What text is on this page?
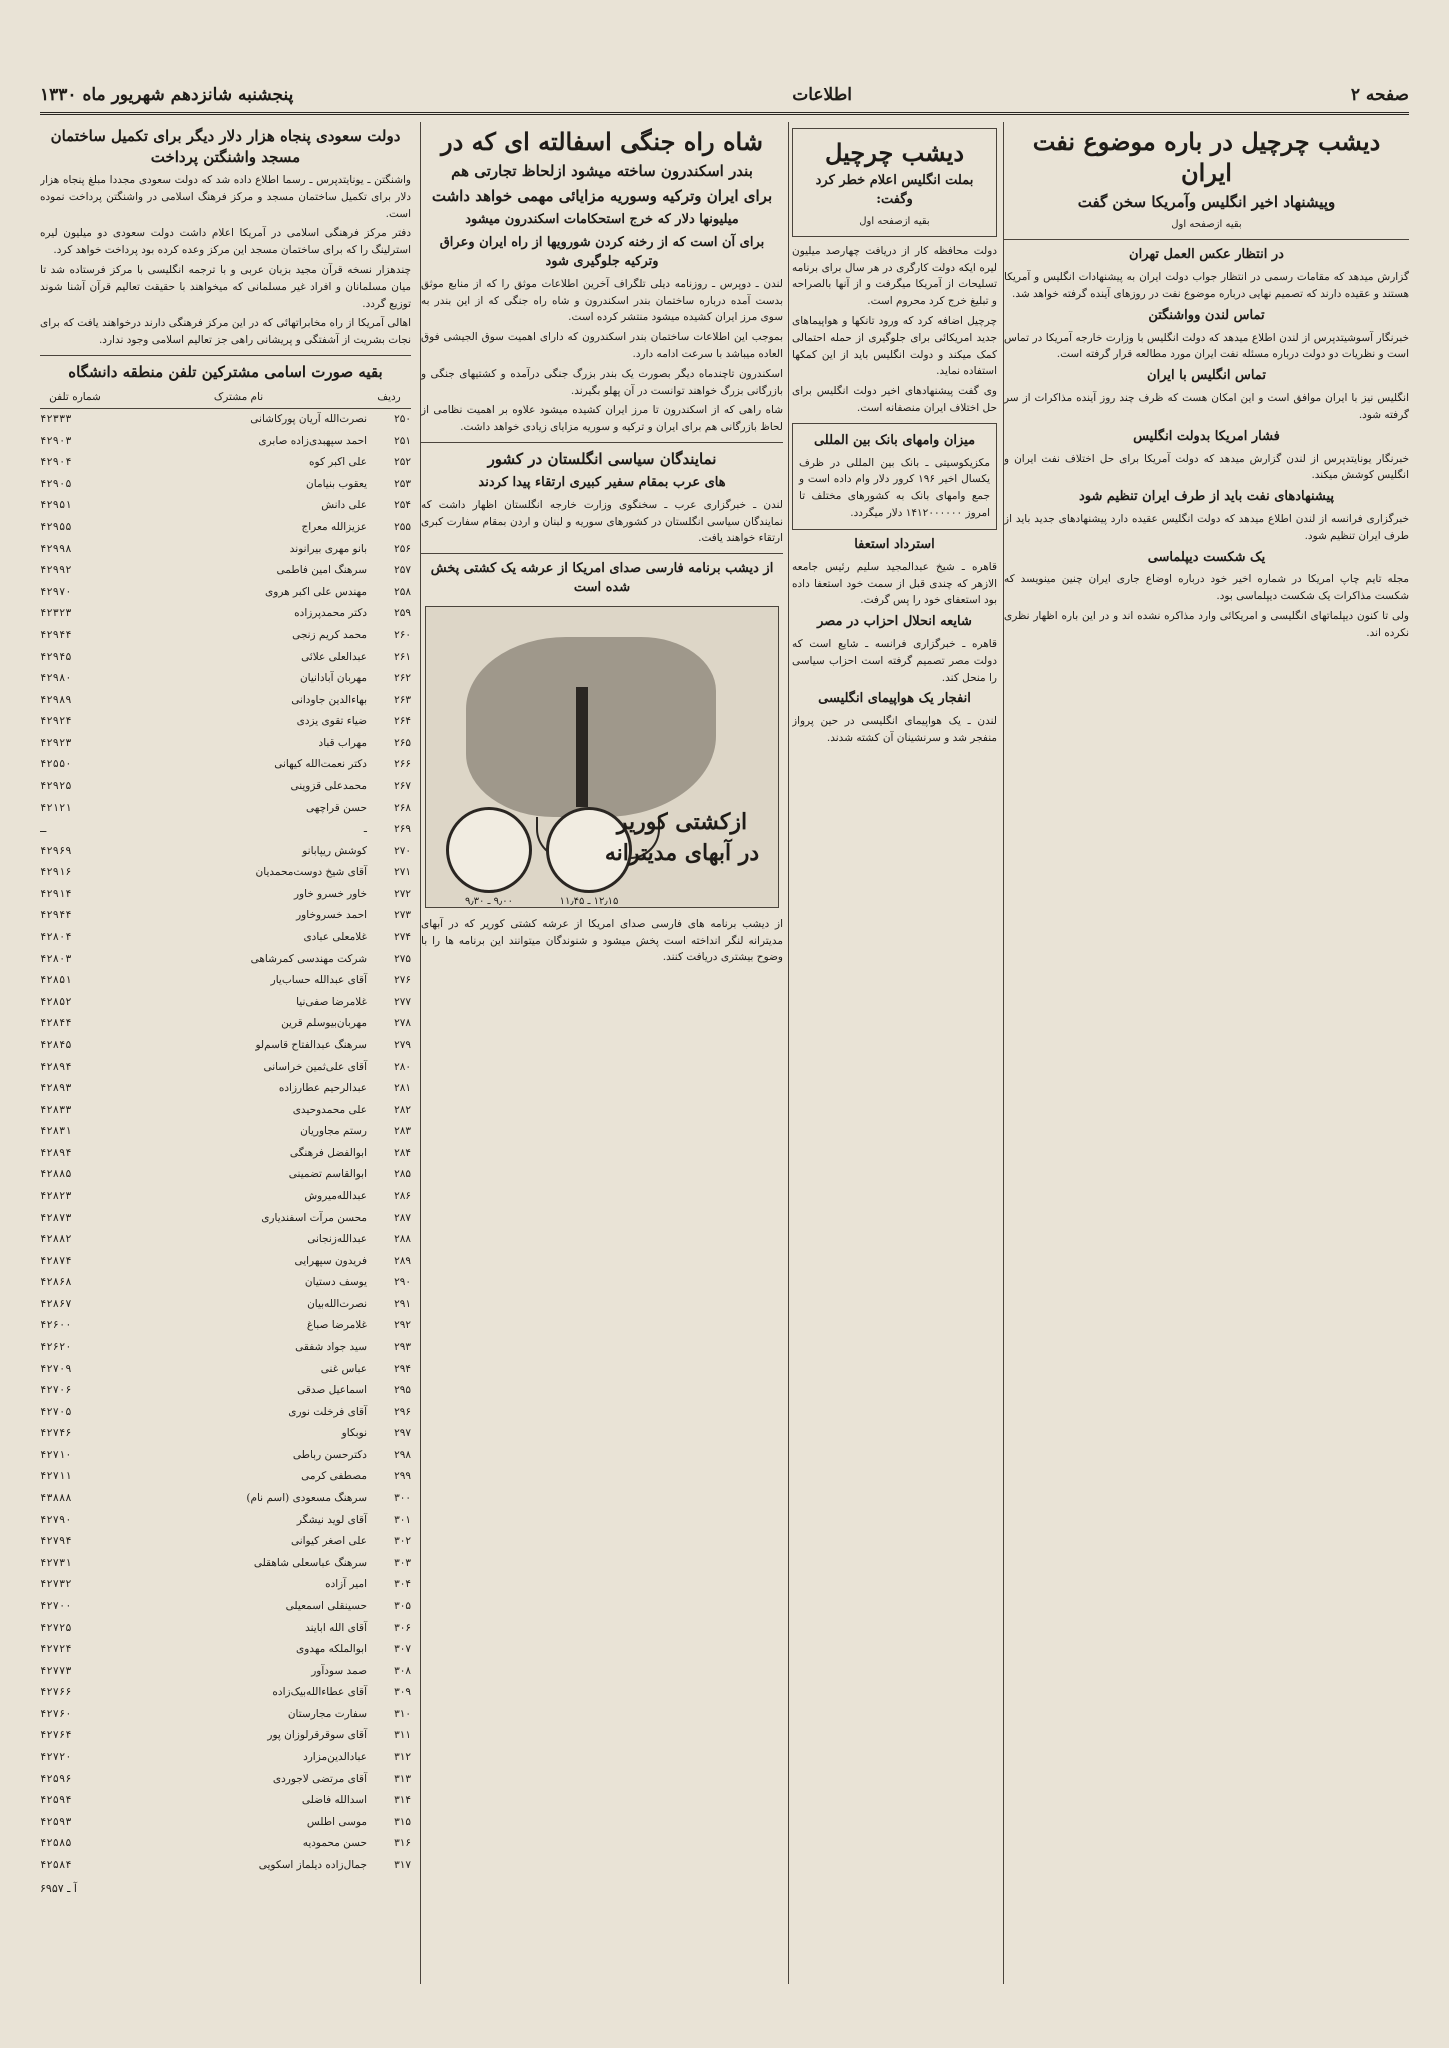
صفحه ۲
اطلاعات
پنجشنبه شانزدهم شهریور ماه ۱۳۳۰
دیشب چرچیل در باره موضوع نفت ایران
وپیشنهاد اخیر انگلیس وآمریکا سخن گفت
بقیه ازصفحه اول
در انتظار عکس العمل تهران

گزارش میدهد که مقامات رسمی در انتظار جواب دولت ایران به پیشنهادات انگلیس و آمریکا هستند و عقیده دارند که تصمیم نهایی درباره موضوع نفت در روزهای آینده گرفته خواهد شد.

تماس لندن وواشنگتن

خبرنگار آسوشیتدپرس از لندن اطلاع میدهد که دولت انگلیس با وزارت خارجه آمریکا در تماس است و نظریات دو دولت درباره مسئله نفت ایران مورد مطالعه قرار گرفته است.

تماس انگلیس با ایران

انگلیس نیز با ایران موافق است و این امکان هست که ظرف چند روز آینده مذاکرات از سر گرفته شود.

فشار امریکا بدولت انگلیس

خبرنگار یونایتدپرس از لندن گزارش میدهد که دولت آمریکا برای حل اختلاف نفت ایران و انگلیس کوشش میکند.

پیشنهادهای نفت باید از طرف ایران تنظیم شود

خبرگزاری فرانسه از لندن اطلاع میدهد که دولت انگلیس عقیده دارد پیشنهادهای جدید باید از طرف ایران تنظیم شود.

یک شکست دیپلماسی

مجله تایم چاپ امریکا در شماره اخیر خود درباره اوضاع جاری ایران چنین مینویسد که شکست مذاکرات یک شکست دیپلماسی بود.

ولی تا کنون دیپلماتهای انگلیسی و امریکائی وارد مذاکره نشده اند و در این باره اظهار نظری نکرده اند.

دیشب چرچیل
بملت انگلیس اعلام خطر کرد وگفت:
بقیه ازصفحه اول

دولت محافظه کار از دریافت چهارصد میلیون لیره ایکه دولت کارگری در هر سال برای برنامه تسلیحات از آمریکا میگرفت و از آنها بالصراحه و تبلیغ خرج کرد محروم است.

چرچیل اضافه کرد که ورود تانکها و هواپیماهای جدید امریکائی برای جلوگیری از حمله احتمالی کمک میکند و دولت انگلیس باید از این کمکها استفاده نماید.

وی گفت پیشنهادهای اخیر دولت انگلیس برای حل اختلاف ایران منصفانه است.

میزان وامهای بانک بین المللی

مکزیکوسیتی ـ بانک بین المللی در ظرف یکسال اخیر ۱۹۶ کرور دلار وام داده است و جمع وامهای بانک به کشورهای مختلف تا امروز ۱۴۱۲۰۰۰۰۰۰ دلار میگردد.

استرداد استعفا

قاهره ـ شیخ عبدالمجید سلیم رئیس جامعه الازهر که چندی قبل از سمت خود استعفا داده بود استعفای خود را پس گرفت.

شایعه انحلال احزاب در مصر

قاهره ـ خبرگزاری فرانسه ـ شایع است که دولت مصر تصمیم گرفته است احزاب سیاسی را منحل کند.

انفجار یک هواپیمای انگلیسی

لندن ـ یک هواپیمای انگلیسی در حین پرواز منفجر شد و سرنشینان آن کشته شدند.

شاه راه جنگی اسفالته ای که در
بندر اسکندرون ساخته میشود ازلحاظ تجارتی هم
برای ایران وترکیه وسوریه مزایائی مهمی خواهد داشت
میلیونها دلار که خرج استحکامات اسکندرون میشود
برای آن است که از رخنه کردن شورویها از راه ایران وعراق وترکیه جلوگیری شود

لندن ـ دوپرس ـ روزنامه دیلی تلگراف آخرین اطلاعات موثق را که از منابع موثق بدست آمده درباره ساختمان بندر اسکندرون و شاه راه جنگی که از این بندر به سوی مرز ایران کشیده میشود منتشر کرده است.

بموجب این اطلاعات ساختمان بندر اسکندرون که دارای اهمیت سوق الجیشی فوق العاده میباشد با سرعت ادامه دارد.

اسکندرون تاچندماه دیگر بصورت یک بندر بزرگ جنگی درآمده و کشتیهای جنگی و بازرگانی بزرگ خواهند توانست در آن پهلو بگیرند.

شاه راهی که از اسکندرون تا مرز ایران کشیده میشود علاوه بر اهمیت نظامی از لحاظ بازرگانی هم برای ایران و ترکیه و سوریه مزایای زیادی خواهد داشت.

نمایندگان سیاسی انگلستان در کشور
های عرب بمقام سفیر کبیری ارتقاء پیدا کردند

لندن ـ خبرگزاری عرب ـ سخنگوی وزارت خارجه انگلستان اظهار داشت که نمایندگان سیاسی انگلستان در کشورهای سوریه و لبنان و اردن بمقام سفارت کبری ارتقاء خواهند یافت.

از دیشب برنامه فارسی صدای امریکا از عرشه یک کشتی پخش شده است
۹٫۰۰ ـ ۹٫۳۰	۱۲٫۱۵ ـ ۱۱٫۴۵
ازکشتی کوریر
در آبهای مدیترانه

از دیشب برنامه های فارسی صدای امریکا از عرشه کشتی کوریر که در آبهای مدیترانه لنگر انداخته است پخش میشود و شنوندگان میتوانند این برنامه ها را با وضوح بیشتری دریافت کنند.

دولت سعودی پنجاه هزار دلار دیگر برای تکمیل ساختمان مسجد واشنگتن پرداخت

واشنگتن ـ یونایتدپرس ـ رسما اطلاع داده شد که دولت سعودی مجددا مبلغ پنجاه هزار دلار برای تکمیل ساختمان مسجد و مرکز فرهنگ اسلامی در واشنگتن پرداخت نموده است.

دفتر مرکز فرهنگی اسلامی در آمریکا اعلام داشت دولت سعودی دو میلیون لیره استرلینگ را که برای ساختمان مسجد این مرکز وعده کرده بود پرداخت خواهد کرد.

چندهزار نسخه قرآن مجید بزبان عربی و با ترجمه انگلیسی با مرکز فرستاده شد تا میان مسلمانان و افراد غیر مسلمانی که میخواهند با حقیقت تعالیم قرآن آشنا شوند توزیع گردد.

اهالی آمریکا از راه مخابراتهائی که در این مرکز فرهنگی دارند درخواهند یافت که برای نجات بشریت از آشفتگی و پریشانی راهی جز تعالیم اسلامی وجود ندارد.

بقیه صورت اسامی مشترکین تلفن منطقه دانشگاه
ردیف	نام مشترک	شماره تلفن
۲۵۰	نصرت‌الله آریان پورکاشانی	۴۲۳۳۳
۲۵۱	احمد سپهبدی‌زاده صابری	۴۲۹۰۳
۲۵۲	علی اکبر کوه	۴۲۹۰۴
۲۵۳	یعقوب بنیامان	۴۲۹۰۵
۲۵۴	علی دانش	۴۲۹۵۱
۲۵۵	عزیزالله معراج	۴۲۹۵۵
۲۵۶	بانو مهری بیرانوند	۴۲۹۹۸
۲۵۷	سرهنگ امین فاطمی	۴۲۹۹۲
۲۵۸	مهندس علی اکبر هروی	۴۲۹۷۰
۲۵۹	دکتر محمدپرزاده	۴۲۳۲۳
۲۶۰	محمد کریم زنجی	۴۲۹۴۴
۲۶۱	عبدالعلی علائی	۴۲۹۴۵
۲۶۲	مهربان آبادانیان	۴۲۹۸۰
۲۶۳	بهاءالدین جاودانی	۴۲۹۸۹
۲۶۴	ضیاء تقوی یزدی	۴۲۹۲۴
۲۶۵	مهراب قباد	۴۲۹۲۳
۲۶۶	دکتر نعمت‌الله کیهانی	۴۲۵۵۰
۲۶۷	محمدعلی قزوینی	۴۲۹۲۵
۲۶۸	حسن قراچهی	۴۲۱۲۱
۲۶۹	ـ	ـ
۲۷۰	کوشش ریپابانو	۴۲۹۶۹
۲۷۱	آقای شیخ دوست‌محمدیان	۴۲۹۱۶
۲۷۲	خاور خسرو خاور	۴۲۹۱۴
۲۷۳	احمد خسروخاور	۴۲۹۴۴
۲۷۴	غلامعلی عبادی	۴۲۸۰۴
۲۷۵	شرکت مهندسی کمرشاهی	۴۲۸۰۳
۲۷۶	آقای عبدالله حساب‌یار	۴۲۸۵۱
۲۷۷	غلامرضا صفی‌نیا	۴۲۸۵۲
۲۷۸	مهربان‌بیوسلم قرین	۴۲۸۴۴
۲۷۹	سرهنگ عبدالفتاح قاسم‌لو	۴۲۸۴۵
۲۸۰	آقای علی‌ثمین خراسانی	۴۲۸۹۴
۲۸۱	عبدالرحیم عطارزاده	۴۲۸۹۳
۲۸۲	علی محمدوحیدی	۴۲۸۳۳
۲۸۳	رستم مجاوریان	۴۲۸۳۱
۲۸۴	ابوالفضل فرهنگی	۴۲۸۹۴
۲۸۵	ابوالقاسم تضمینی	۴۲۸۸۵
۲۸۶	عبدالله‌میروش	۴۲۸۲۳
۲۸۷	محسن مرآت اسفندیاری	۴۲۸۷۳
۲۸۸	عبدالله‌زنجانی	۴۲۸۸۲
۲۸۹	فریدون سپهرایی	۴۲۸۷۴
۲۹۰	یوسف دستیان	۴۲۸۶۸
۲۹۱	نصرت‌الله‌بیان	۴۲۸۶۷
۲۹۲	غلامرضا صباغ	۴۲۶۰۰
۲۹۳	سید جواد شفقی	۴۲۶۲۰
۲۹۴	عباس غنی	۴۲۷۰۹
۲۹۵	اسماعیل صدقی	۴۲۷۰۶
۲۹۶	آقای فرخلت نوری	۴۲۷۰۵
۲۹۷	نوبکاو	۴۲۷۴۶
۲۹۸	دکترحسن رباطی	۴۲۷۱۰
۲۹۹	مصطفی کرمی	۴۲۷۱۱
۳۰۰	سرهنگ مسعودی (اسم نام)	۴۳۸۸۸
۳۰۱	آقای لوید نیشگر	۴۲۷۹۰
۳۰۲	علی اصغر کیوانی	۴۲۷۹۴
۳۰۳	سرهنگ عباسعلی شاهقلی	۴۲۷۳۱
۳۰۴	امیر آزاده	۴۲۷۳۲
۳۰۵	حسینقلی اسمعیلی	۴۲۷۰۰
۳۰۶	آقای الله ابایند	۴۲۷۲۵
۳۰۷	ابوالملکه مهدوی	۴۲۷۲۴
۳۰۸	صمد سودآور	۴۲۷۷۳
۳۰۹	آقای عطاءالله‌بیک‌زاده	۴۲۷۶۶
۳۱۰	سفارت مجارستان	۴۲۷۶۰
۳۱۱	آقای سوقرقرلوزان پور	۴۲۷۶۴
۳۱۲	عبادالدین‌مزارد	۴۲۷۲۰
۳۱۳	آقای مرتضی لاجوردی	۴۲۵۹۶
۳۱۴	اسدالله فاضلی	۴۲۵۹۴
۳۱۵	موسی اطلس	۴۲۵۹۳
۳۱۶	حسن محمودیه	۴۲۵۸۵
۳۱۷	جمال‌زاده دیلماز اسکویی	۴۲۵۸۴
آ ـ ۶۹۵۷
